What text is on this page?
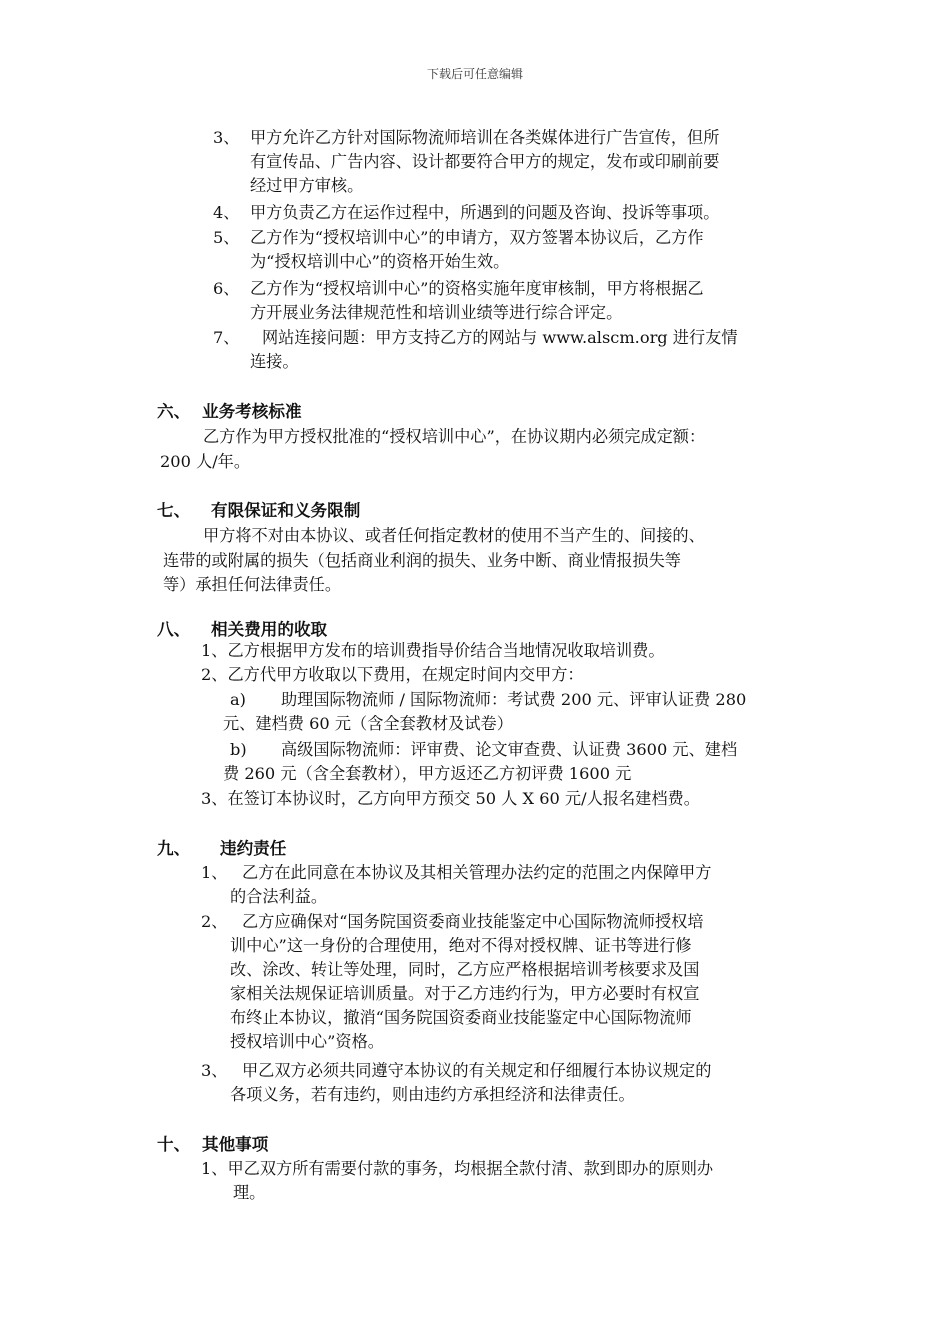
下载后可任意编辑
3、 甲方允许乙方针对国际物流师培训在各类媒体进行广告宣传，但所
有宣传品、广告内容、设计都要符合甲方的规定，发布或印刷前要
经过甲方审核。
4、 甲方负责乙方在运作过程中，所遇到的问题及咨询、投诉等事项。
5、 乙方作为“授权培训中心”的申请方，双方签署本协议后，乙方作
为“授权培训中心”的资格开始生效。
6、 乙方作为“授权培训中心”的资格实施年度审核制，甲方将根据乙
方开展业务法律规范性和培训业绩等进行综合评定。
7、 网站连接问题：甲方支持乙方的网站与 www.alscm.org 进行友情
连接。
六、 业务考核标准
乙方作为甲方授权批准的“授权培训中心”，在协议期内必须完成定额：
200 人/年。
七、 有限保证和义务限制
甲方将不对由本协议、或者任何指定教材的使用不当产生的、间接的、
连带的或附属的损失（包括商业利润的损失、业务中断、商业情报损失等
等）承担任何法律责任。
八、 相关费用的收取
1、乙方根据甲方发布的培训费指导价结合当地情况收取培训费。
2、乙方代甲方收取以下费用，在规定时间内交甲方：
a) 助理国际物流师 / 国际物流师：考试费 200 元、评审认证费 280
元、建档费 60 元（含全套教材及试卷）
b) 高级国际物流师：评审费、论文审查费、认证费 3600 元、建档
费 260 元（含全套教材），甲方返还乙方初评费 1600 元
3、在签订本协议时，乙方向甲方预交 50 人 X 60 元/人报名建档费。
九、 违约责任
1、 乙方在此同意在本协议及其相关管理办法约定的范围之内保障甲方
的合法利益。
2、 乙方应确保对“国务院国资委商业技能鉴定中心国际物流师授权培
训中心”这一身份的合理使用，绝对不得对授权牌、证书等进行修
改、涂改、转让等处理，同时，乙方应严格根据培训考核要求及国
家相关法规保证培训质量。对于乙方违约行为，甲方必要时有权宣
布终止本协议，撤消“国务院国资委商业技能鉴定中心国际物流师
授权培训中心”资格。
3、 甲乙双方必须共同遵守本协议的有关规定和仔细履行本协议规定的
各项义务，若有违约，则由违约方承担经济和法律责任。
十、 其他事项
1、甲乙双方所有需要付款的事务，均根据全款付清、款到即办的原则办
理。
